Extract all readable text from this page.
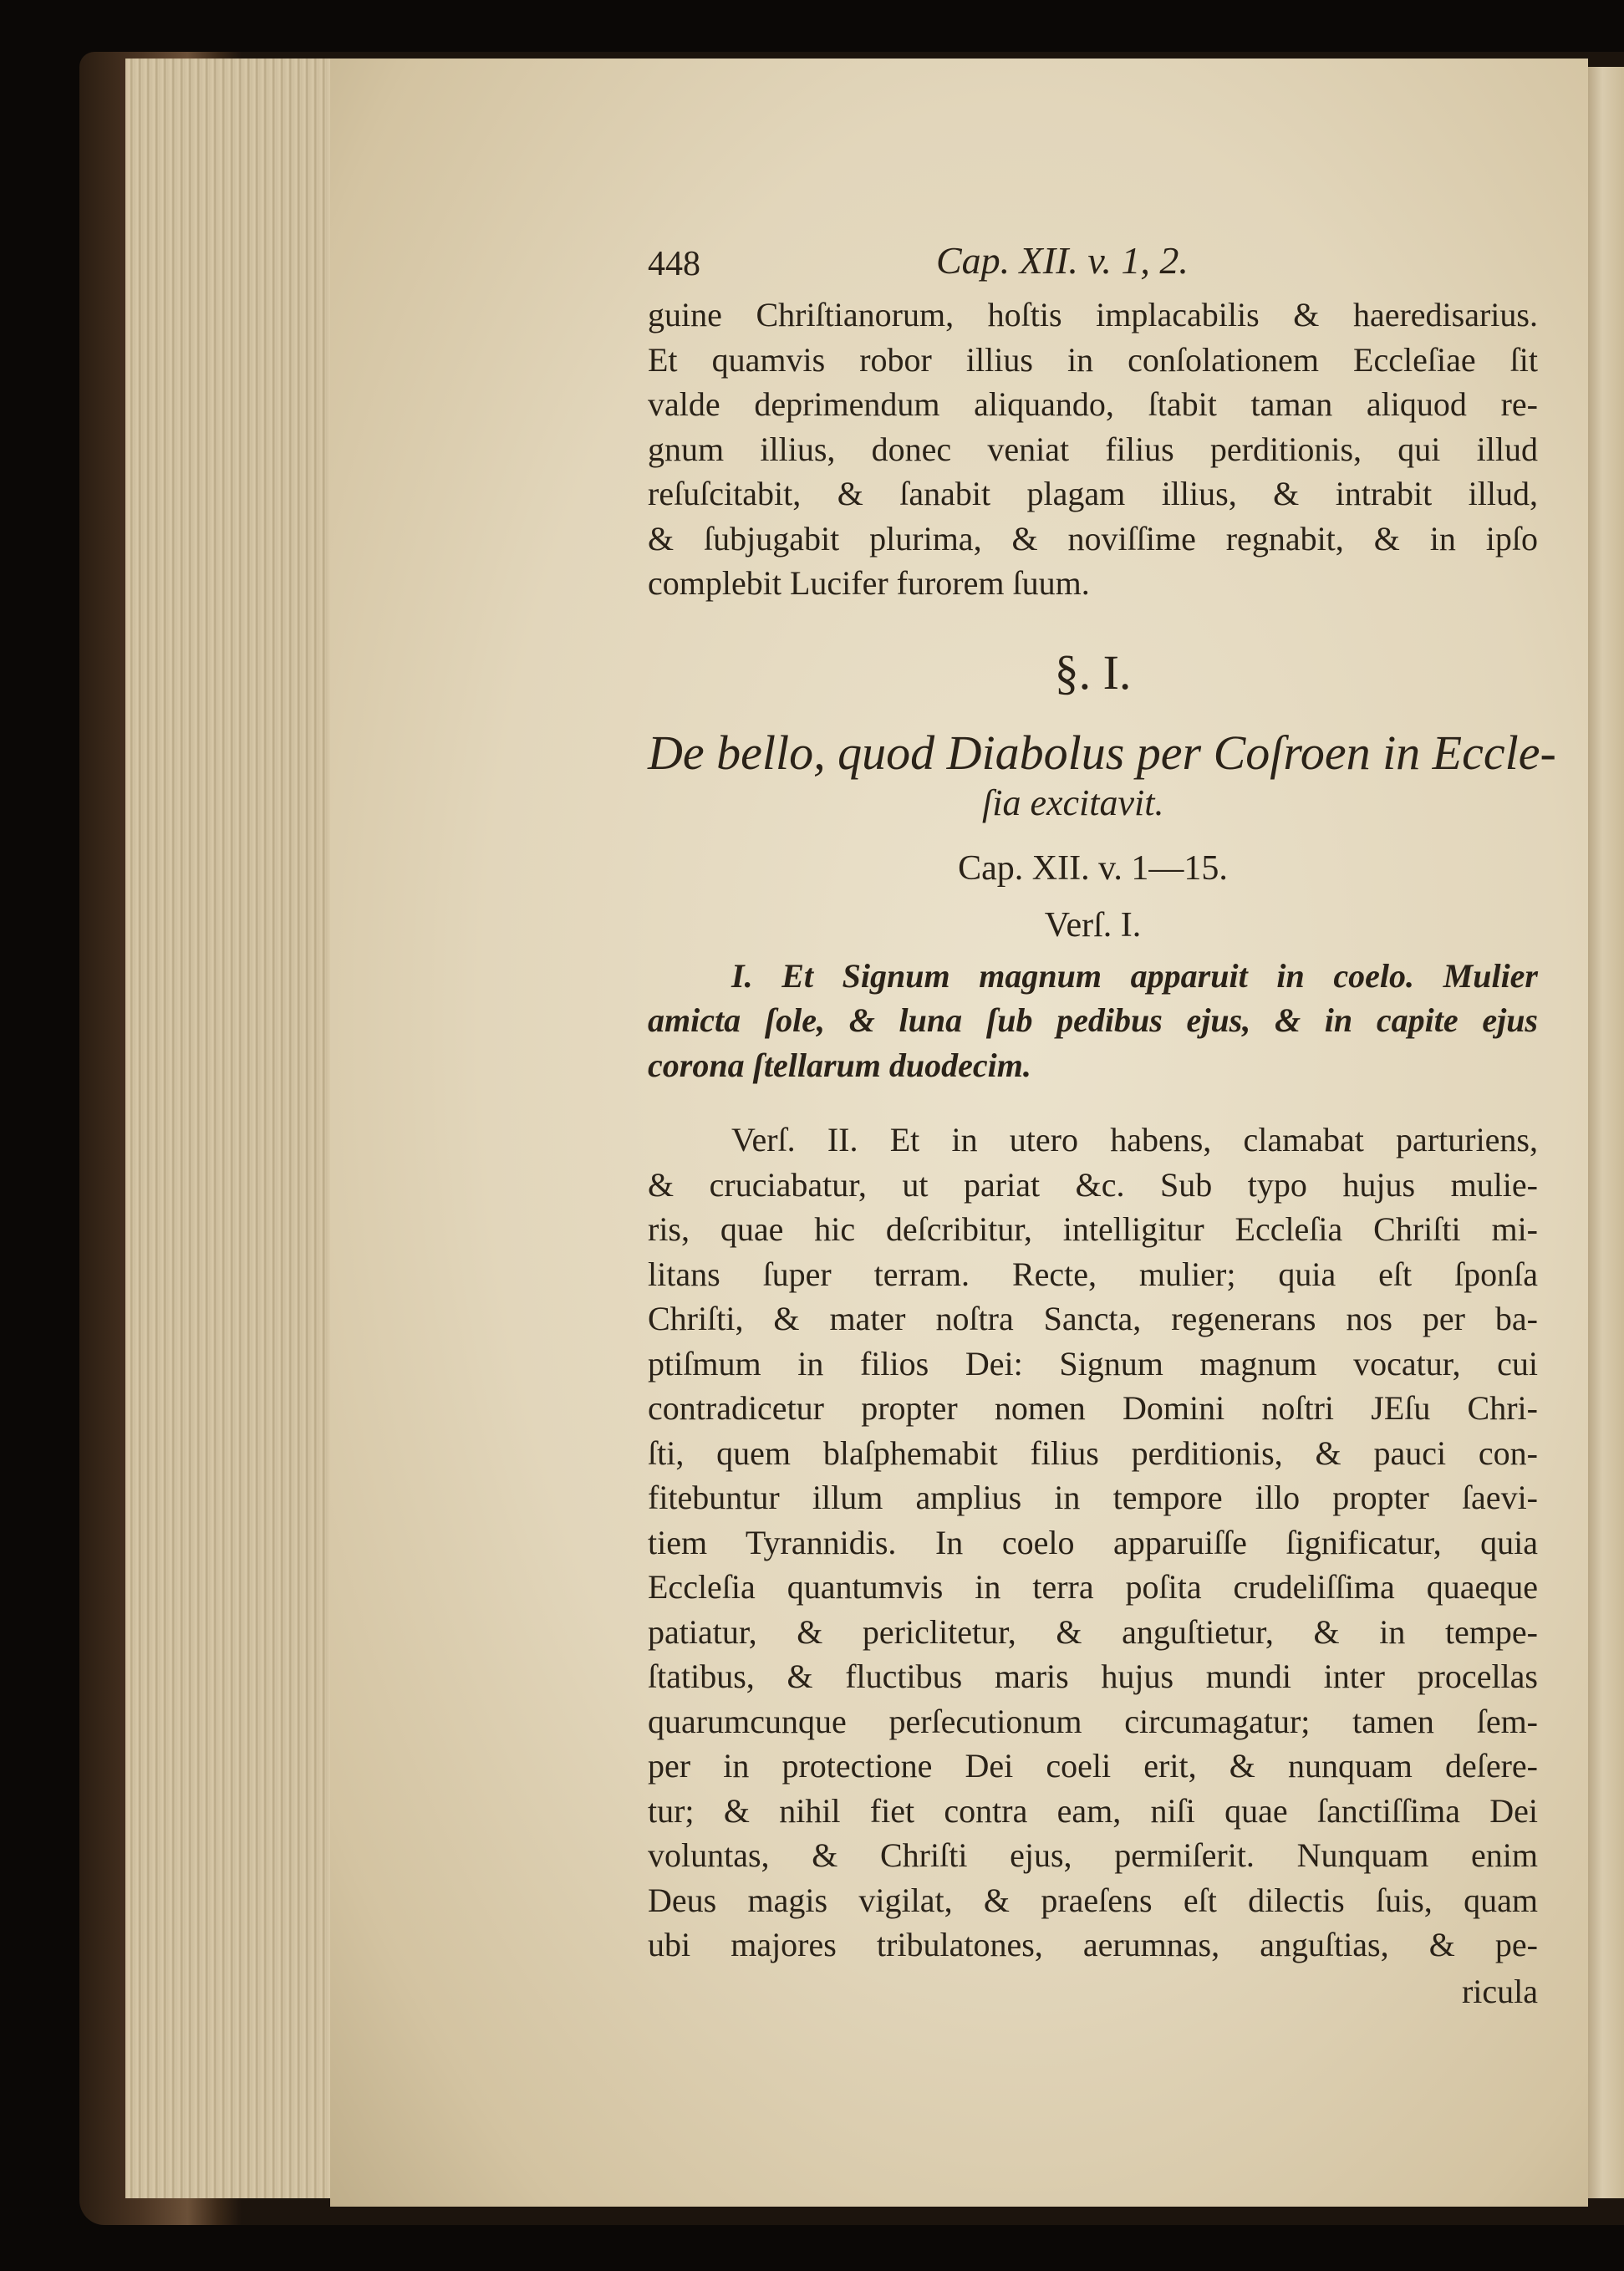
448	Cap. XII. v. 1, 2.
guine Chriſtianorum, hoſtis implacabilis & haeredisarius.
Et quamvis robor illius in conſolationem Eccleſiae ſit
valde deprimendum aliquando, ſtabit taman aliquod re-
gnum illius, donec veniat filius perditionis, qui illud
reſuſcitabit, & ſanabit plagam illius, & intrabit illud,
& ſubjugabit plurima, & noviſſime regnabit, & in ipſo
complebit Lucifer furorem ſuum.
§. I.
De bello, quod Diabolus per Coſroen in Eccle-
ſia excitavit.
Cap. XII. v. 1—15.
Verſ. I.
I. Et Signum magnum apparuit in coelo. Mulier
amicta ſole, & luna ſub pedibus ejus, & in capite ejus
corona ſtellarum duodecim.
Verſ. II. Et in utero habens, clamabat parturiens,
& cruciabatur, ut pariat &c. Sub typo hujus mulie-
ris, quae hic deſcribitur, intelligitur Eccleſia Chriſti mi-
litans ſuper terram. Recte, mulier; quia eſt ſponſa
Chriſti, & mater noſtra Sancta, regenerans nos per ba-
ptiſmum in filios Dei: Signum magnum vocatur, cui
contradicetur propter nomen Domini noſtri JEſu Chri-
ſti, quem blaſphemabit filius perditionis, & pauci con-
fitebuntur illum amplius in tempore illo propter ſaevi-
tiem Tyrannidis. In coelo apparuiſſe ſignificatur, quia
Eccleſia quantumvis in terra poſita crudeliſſima quaeque
patiatur, & periclitetur, & anguſtietur, & in tempe-
ſtatibus, & fluctibus maris hujus mundi inter procellas
quarumcunque perſecutionum circumagatur; tamen ſem-
per in protectione Dei coeli erit, & nunquam deſere-
tur; & nihil fiet contra eam, niſi quae ſanctiſſima Dei
voluntas, & Chriſti ejus, permiſerit. Nunquam enim
Deus magis vigilat, & praeſens eſt dilectis ſuis, quam
ubi majores tribulatones, aerumnas, anguſtias, & pe-
ricula
